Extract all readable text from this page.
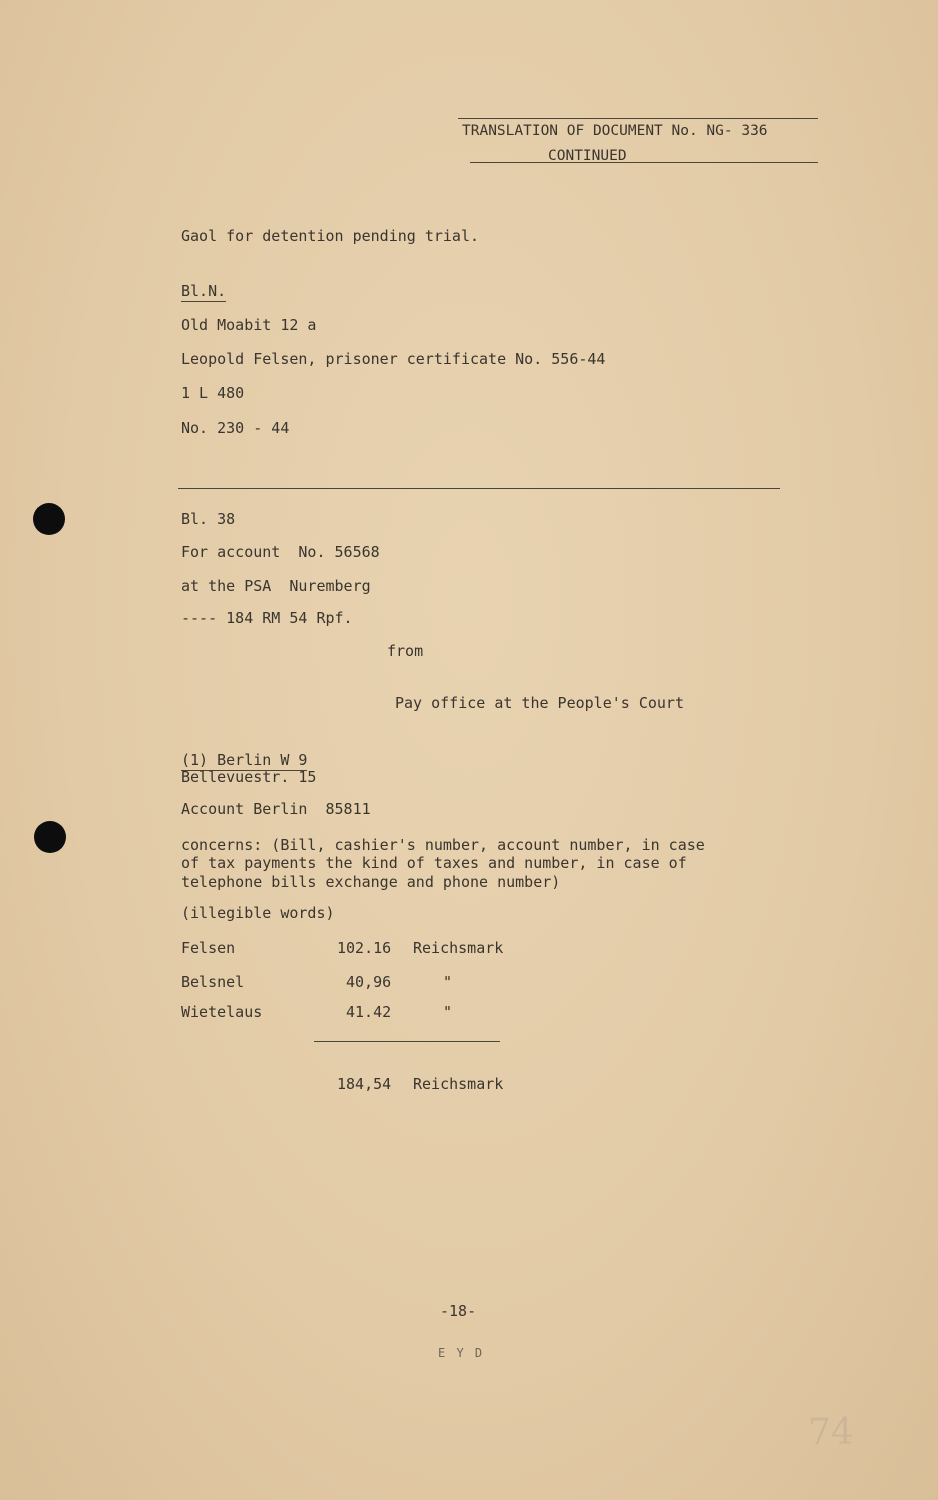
TRANSLATION OF DOCUMENT No. NG- 336
CONTINUED
Gaol for detention pending trial.
Bl.N.
Old Moabit 12 a
Leopold Felsen, prisoner certificate No. 556-44
1 L 480
No. 230 - 44
Bl. 38
For account  No. 56568
at the PSA  Nuremberg
---- 184 RM 54 Rpf.
from
Pay office at the People's Court
(1) Berlin W 9
Bellevuestr. 15
Account Berlin  85811
concerns: (Bill, cashier's number, account number, in case
of tax payments the kind of taxes and number, in case of
telephone bills exchange and phone number)
(illegible words)
Felsen	102.16 Reichsmark
Belsnel	40,96	"
Wietelaus	41.42	"
184,54 Reichsmark
-18-
E Y D
74
